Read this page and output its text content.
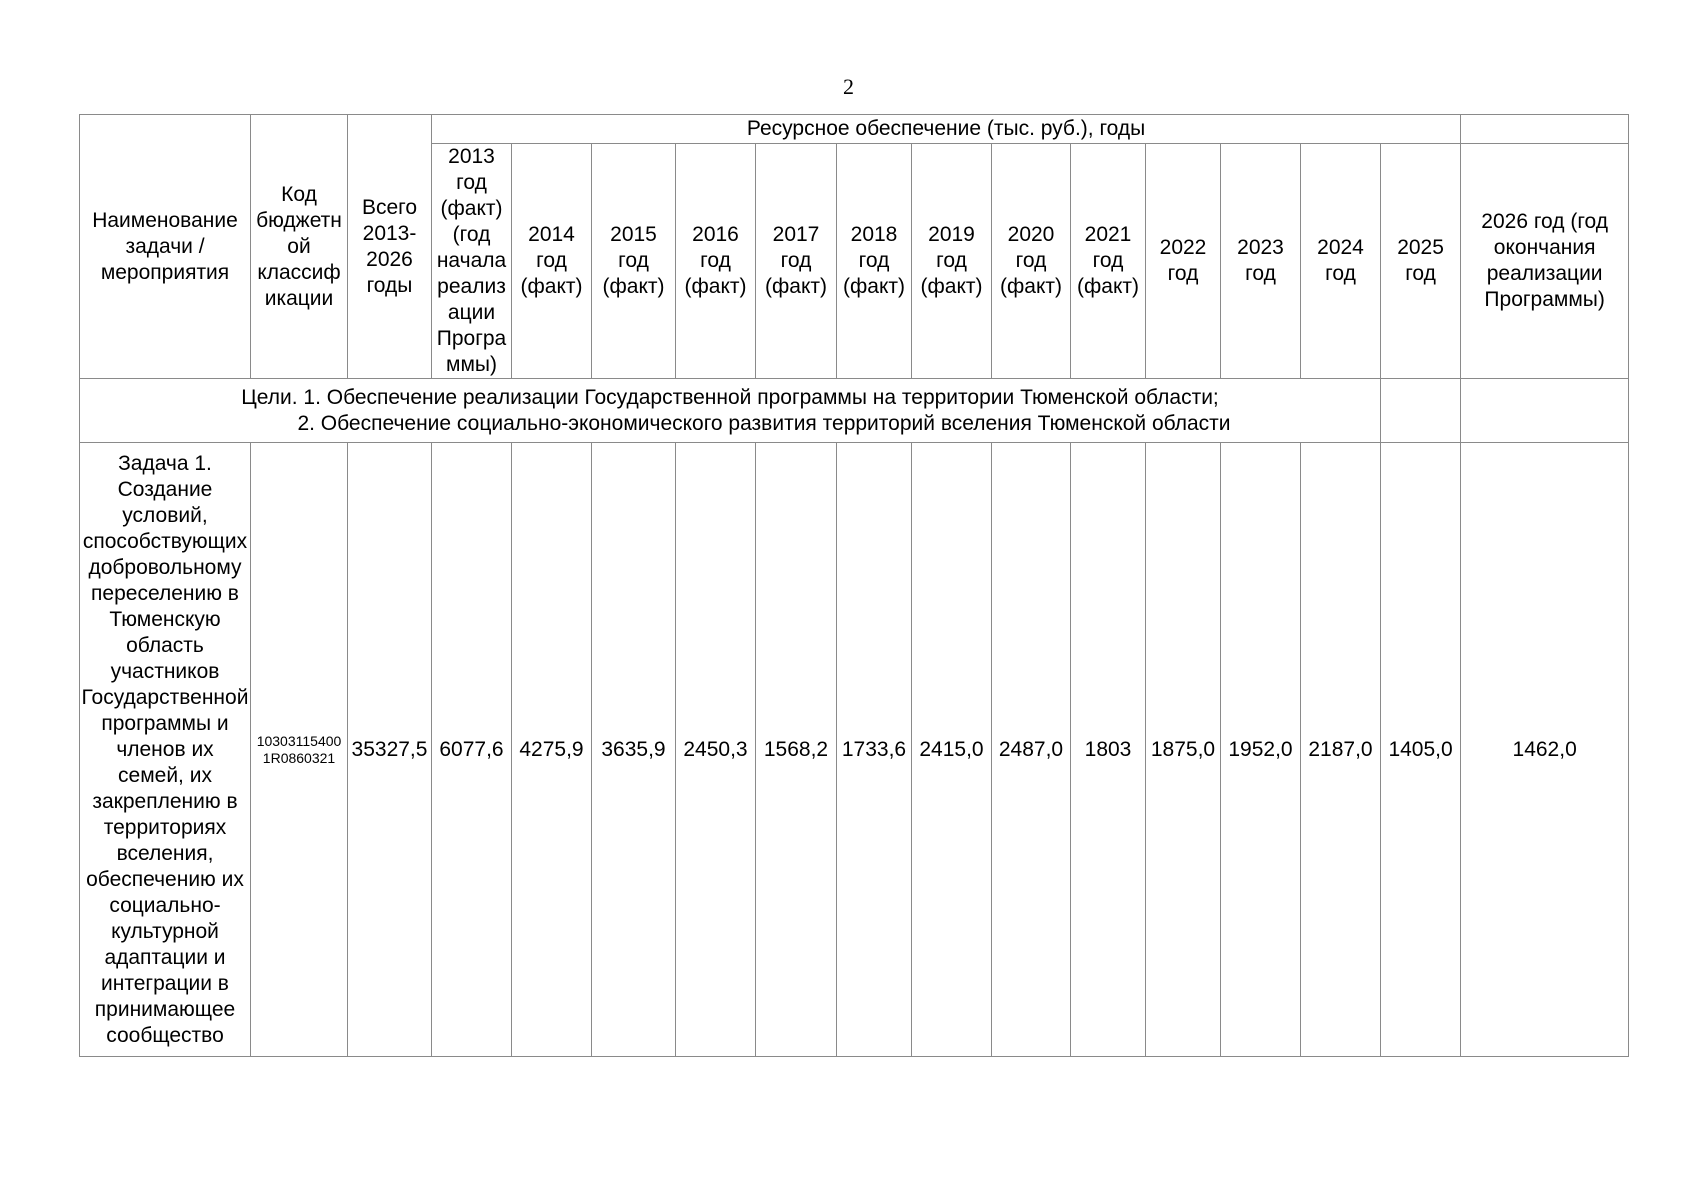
2
Наименование задачи / мероприятия	Код бюджетной классификации	Всего 2013-2026 годы	Ресурсное обеспечение (тыс. руб.), годы													
			2013 год (факт) (год начала реализации Программы)	2014 год (факт)	2015 год (факт)	2016 год (факт)	2017 год (факт)	2018 год (факт)	2019 год (факт)	2020 год (факт)	2021 год (факт)	2022 год	2023 год	2024 год	2025 год	2026 год (год окончания реализации Программы)

Цели. 1. Обеспечение реализации Государственной программы на территории Тюменской области;
2. Обеспечение социально-экономического развития территорий вселения Тюменской области																

Задача 1. Создание условий, способствующих добровольному переселению в Тюменскую область участников Государственной программы и членов их семей, их закреплению в территориях вселения, обеспечению их социально-культурной адаптации и интеграции в принимающее сообщество	10303115400 1R0860321	35327,5	6077,6	4275,9	3635,9	2450,3	1568,2	1733,6	2415,0	2487,0	1803	1875,0	1952,0	2187,0	1405,0	1462,0
